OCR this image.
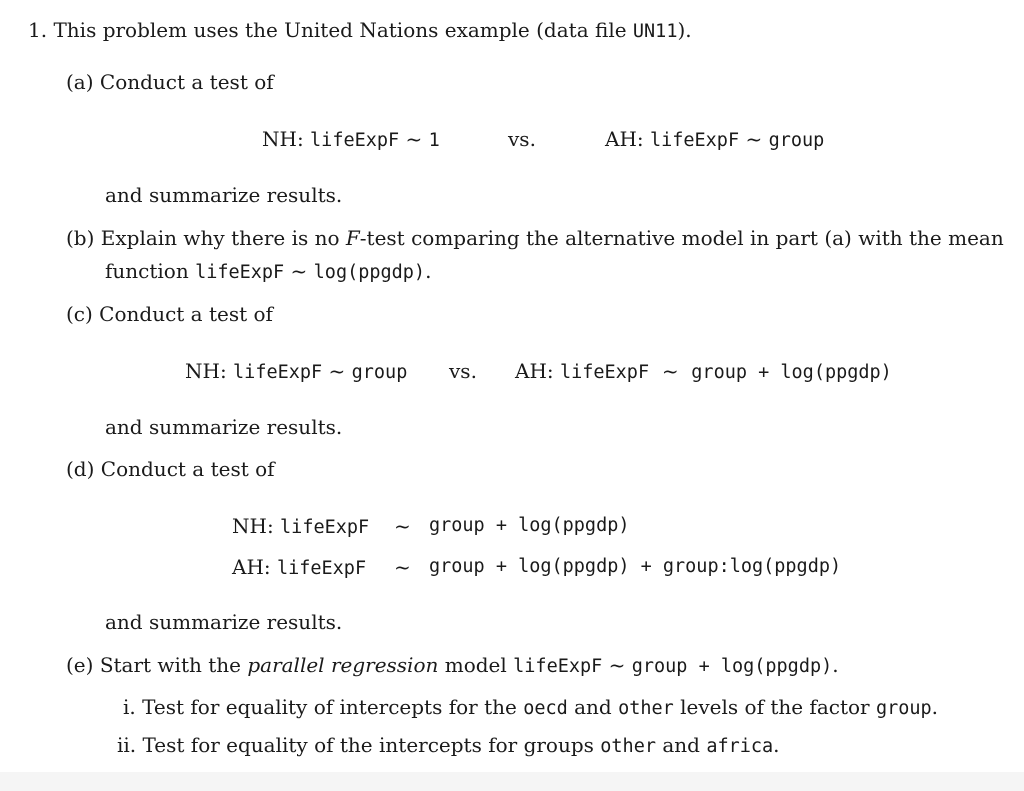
1. This problem uses the United Nations example (data file UN11).
(a) Conduct a test of
NH: lifeExpF ~ 1	vs.	AH: lifeExpF ~ group
and summarize results.
(b) Explain why there is no F-test comparing the alternative model in part (a) with the mean
function lifeExpF ~ log(ppgdp).
(c) Conduct a test of
NH: lifeExpF ~ group vs. AH: lifeExpF ~ group + log(ppgdp)
and summarize results.
(d) Conduct a test of
NH: lifeExpF ~ group + log(ppgdp)
AH: lifeExpF ~ group + log(ppgdp) + group:log(ppgdp)
and summarize results.
(e) Start with the parallel regression model lifeExpF ~ group + log(ppgdp).
i. Test for equality of intercepts for the oecd and other levels of the factor group.
ii. Test for equality of the intercepts for groups other and africa.
